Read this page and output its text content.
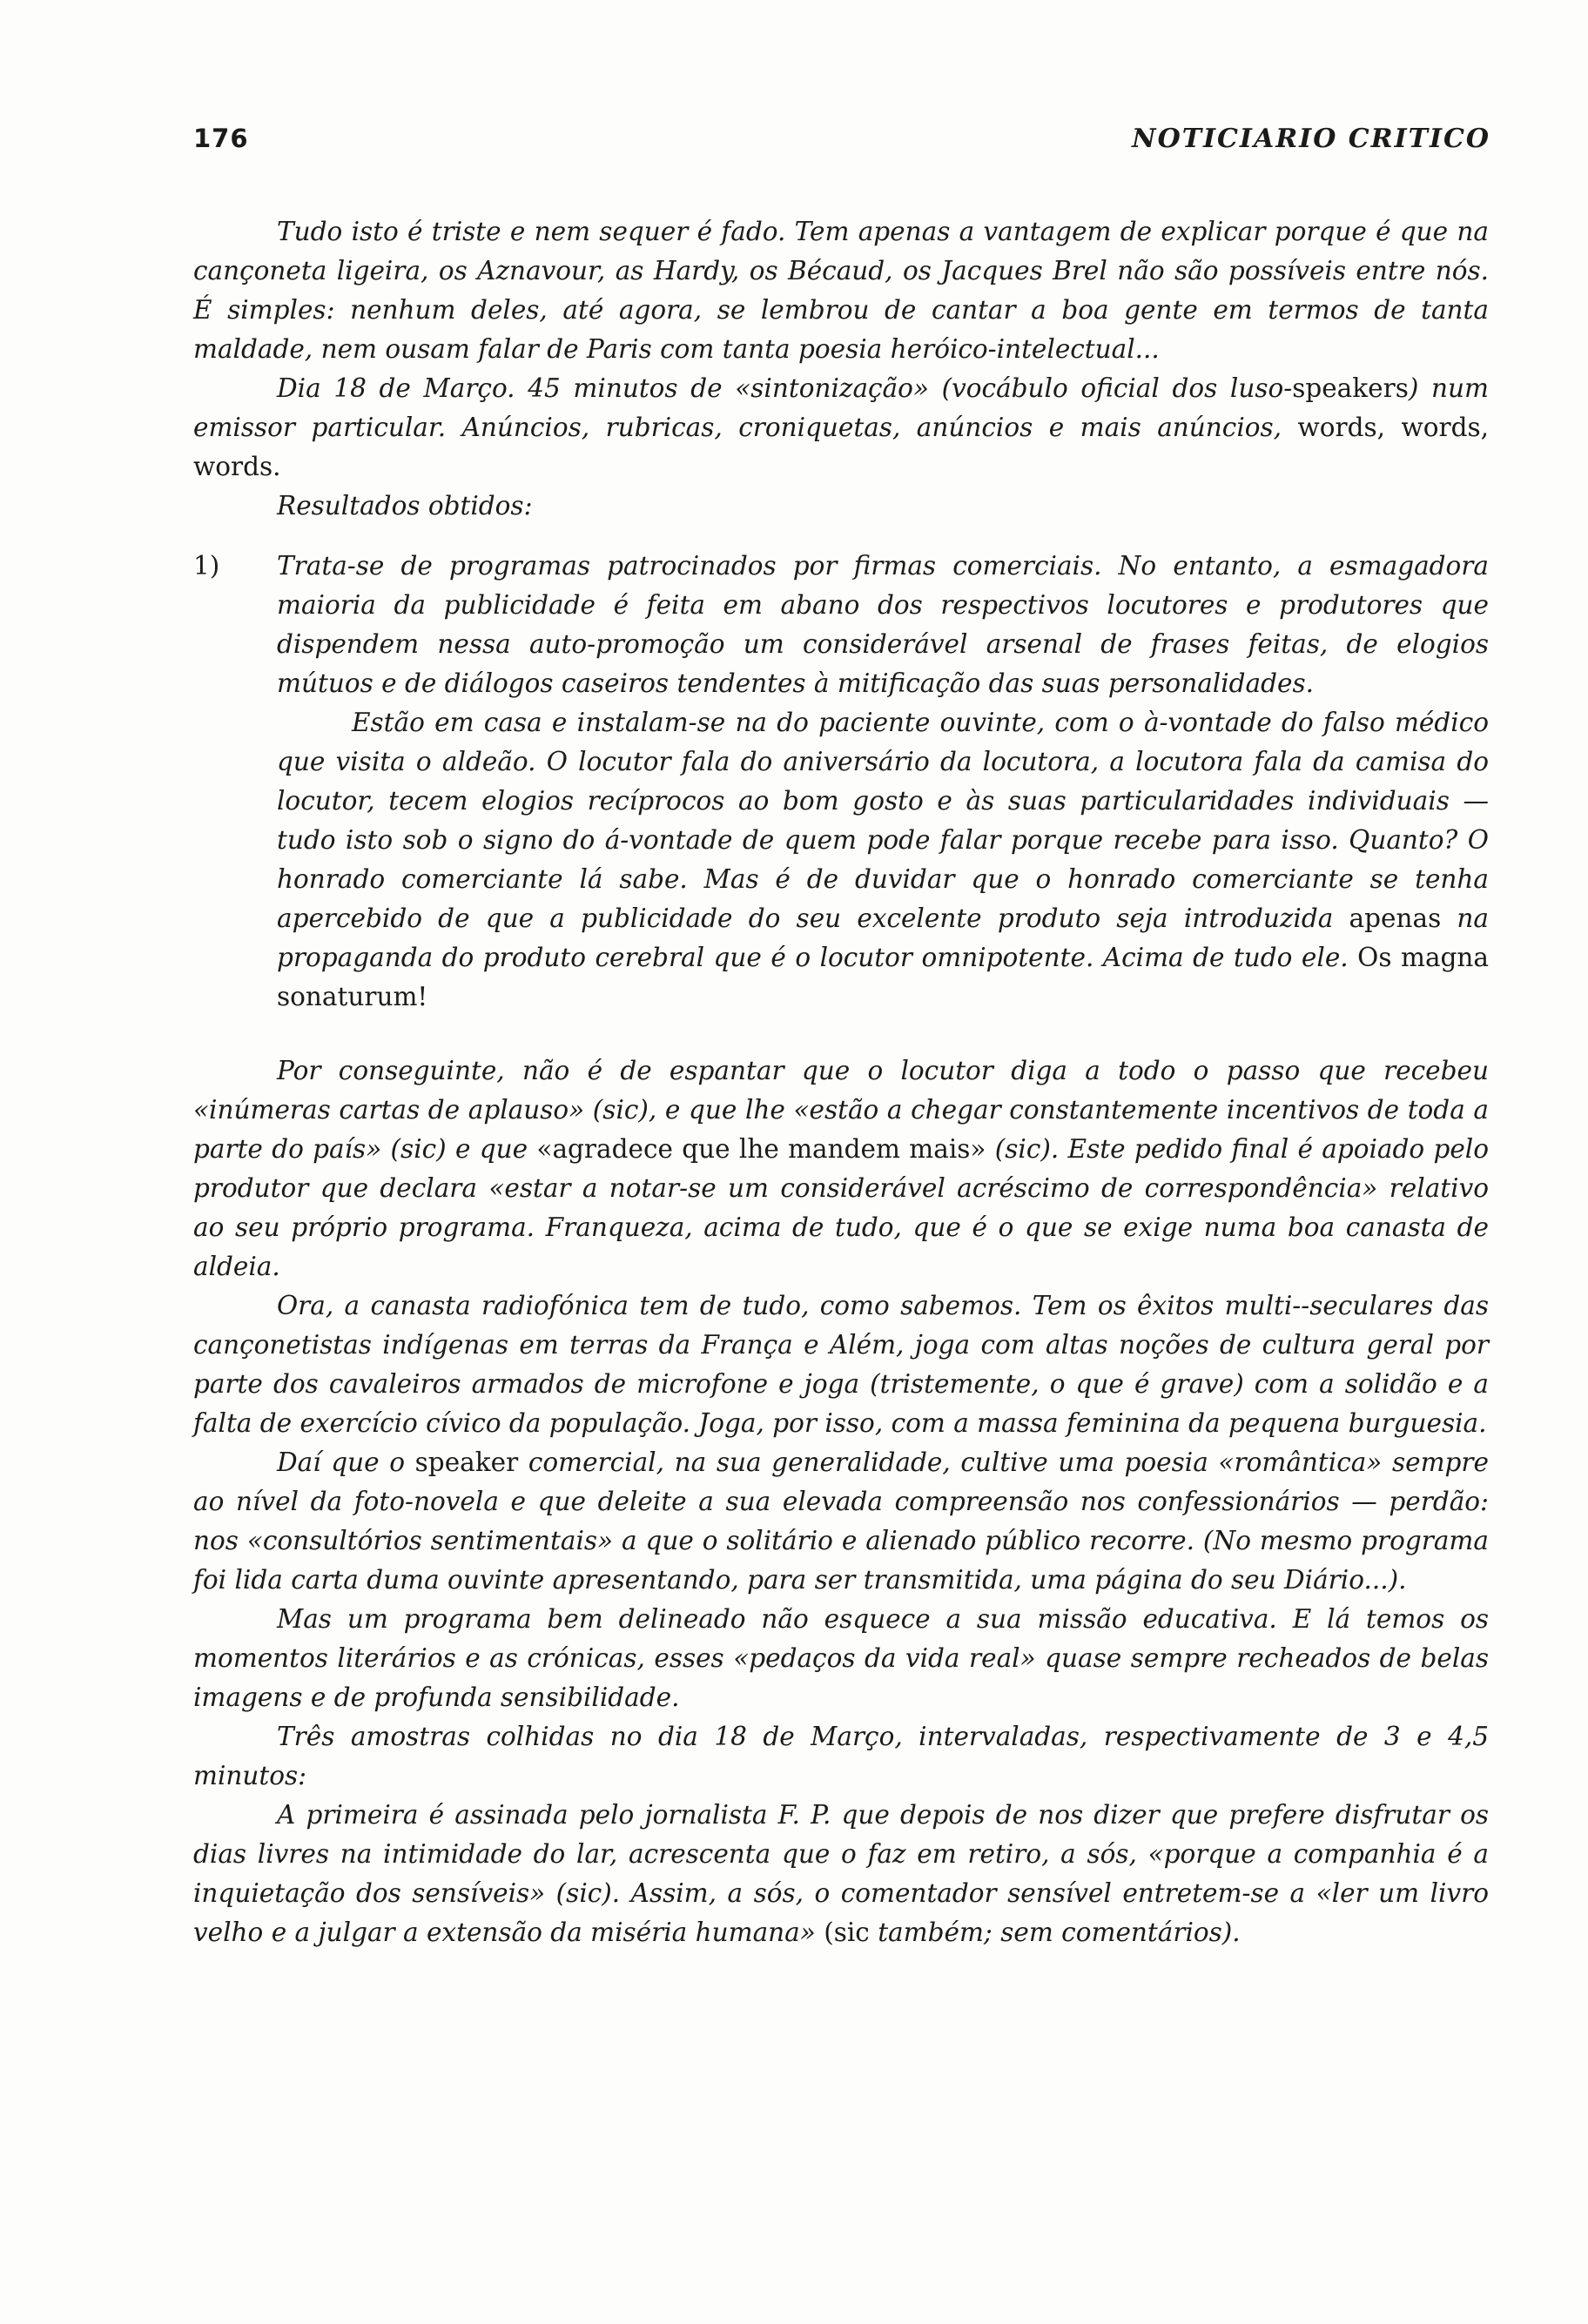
176	NOTICIARIO CRITICO

Tudo isto é triste e nem sequer é fado. Tem apenas a vantagem de explicar porque é que na cançoneta ligeira, os Aznavour, as Hardy, os Bécaud, os Jacques Brel não são possíveis entre nós. É simples: nenhum deles, até agora, se lembrou de cantar a boa gente em termos de tanta maldade, nem ousam falar de Paris com tanta poesia heróico-intelectual...

Dia 18 de Março. 45 minutos de «sintonização» (vocábulo oficial dos luso-speakers) num emissor particular. Anúncios, rubricas, croniquetas, anúncios e mais anúncios, words, words, words.

Resultados obtidos:

1)	Trata-se de programas patrocinados por firmas comerciais. No entanto, a esmagadora maioria da publicidade é feita em abano dos respectivos locutores e produtores que dispendem nessa auto-promoção um considerável arsenal de frases feitas, de elogios mútuos e de diálogos caseiros tendentes à mitificação das suas personalidades.

Estão em casa e instalam-se na do paciente ouvinte, com o à-vontade do falso médico que visita o aldeão. O locutor fala do aniversário da locutora, a locutora fala da camisa do locutor, tecem elogios recíprocos ao bom gosto e às suas particularidades individuais — tudo isto sob o signo do á-vontade de quem pode falar porque recebe para isso. Quanto? O honrado comerciante lá sabe. Mas é de duvidar que o honrado comerciante se tenha apercebido de que a publicidade do seu excelente produto seja introduzida apenas na propaganda do produto cerebral que é o locutor omnipotente. Acima de tudo ele. Os magna sonaturum!

Por conseguinte, não é de espantar que o locutor diga a todo o passo que recebeu «inúmeras cartas de aplauso» (sic), e que lhe «estão a chegar constantemente incentivos de toda a parte do país» (sic) e que «agradece que lhe mandem mais» (sic). Este pedido final é apoiado pelo produtor que declara «estar a notar-se um considerável acréscimo de correspondência» relativo ao seu próprio programa. Franqueza, acima de tudo, que é o que se exige numa boa canasta de aldeia.

Ora, a canasta radiofónica tem de tudo, como sabemos. Tem os êxitos multi--seculares das cançonetistas indígenas em terras da França e Além, joga com altas noções de cultura geral por parte dos cavaleiros armados de microfone e joga (tristemente, o que é grave) com a solidão e a falta de exercício cívico da população. Joga, por isso, com a massa feminina da pequena burguesia.

Daí que o speaker comercial, na sua generalidade, cultive uma poesia «romântica» sempre ao nível da foto-novela e que deleite a sua elevada compreensão nos confessionários — perdão: nos «consultórios sentimentais» a que o solitário e alienado público recorre. (No mesmo programa foi lida carta duma ouvinte apresentando, para ser transmitida, uma página do seu Diário...).

Mas um programa bem delineado não esquece a sua missão educativa. E lá temos os momentos literários e as crónicas, esses «pedaços da vida real» quase sempre recheados de belas imagens e de profunda sensibilidade.

Três amostras colhidas no dia 18 de Março, intervaladas, respectivamente de 3 e 4,5 minutos:

A primeira é assinada pelo jornalista F. P. que depois de nos dizer que prefere disfrutar os dias livres na intimidade do lar, acrescenta que o faz em retiro, a sós, «porque a companhia é a inquietação dos sensíveis» (sic). Assim, a sós, o comentador sensível entretem-se a «ler um livro velho e a julgar a extensão da miséria humana» (sic também; sem comentários).
